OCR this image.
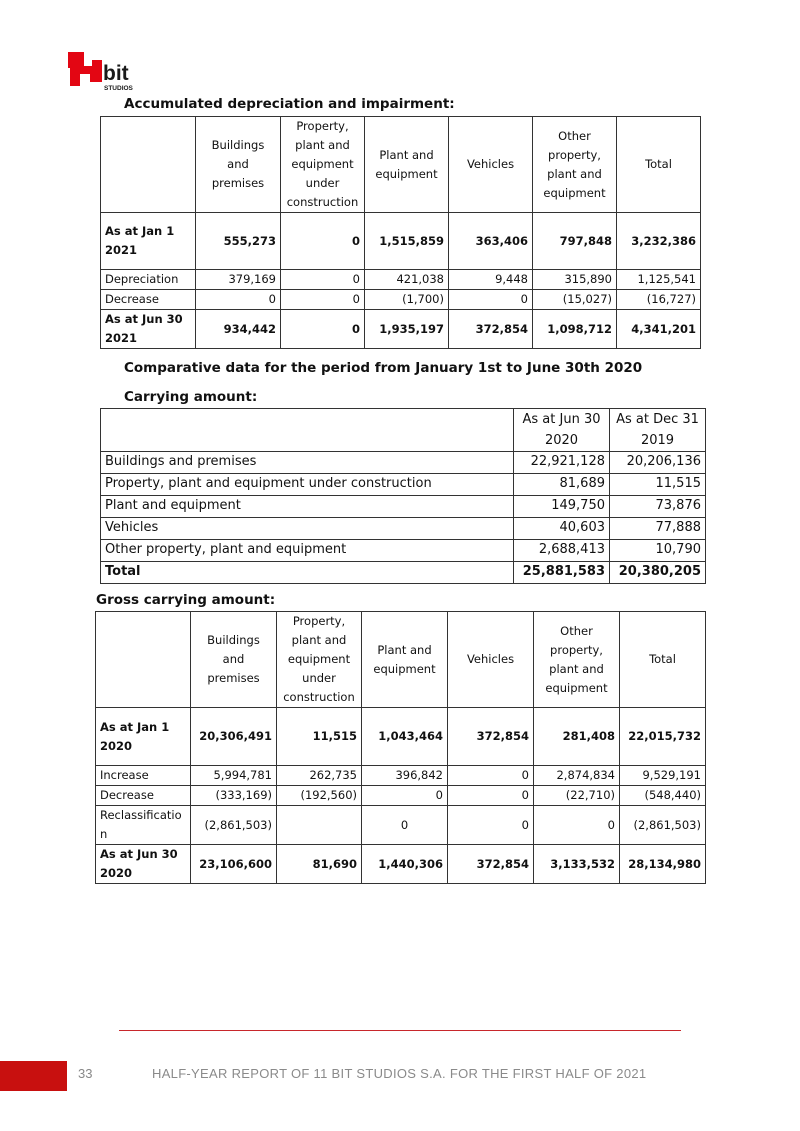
bit
STUDIOS
Accumulated depreciation and impairment:
	Buildings and premises	Property, plant and equipment under construction	Plant and equipment	Vehicles	Other property, plant and equipment	Total
As at Jan 1 2021	555,273	0	1,515,859	363,406	797,848	3,232,386
Depreciation	379,169	0	421,038	9,448	315,890	1,125,541
Decrease	0	0	(1,700)	0	(15,027)	(16,727)
As at Jun 30 2021	934,442	0	1,935,197	372,854	1,098,712	4,341,201
Comparative data for the period from January 1st to June 30th 2020
Carrying amount:
	As at Jun 30 2020	As at Dec 31 2019
Buildings and premises	22,921,128	20,206,136
Property, plant and equipment under construction	81,689	11,515
Plant and equipment	149,750	73,876
Vehicles	40,603	77,888
Other property, plant and equipment	2,688,413	10,790
Total	25,881,583	20,380,205
Gross carrying amount:
	Buildings and premises	Property, plant and equipment under construction	Plant and equipment	Vehicles	Other property, plant and equipment	Total
As at Jan 1 2020	20,306,491	11,515	1,043,464	372,854	281,408	22,015,732
Increase	5,994,781	262,735	396,842	0	2,874,834	9,529,191
Decrease	(333,169)	(192,560)	0	0	(22,710)	(548,440)
Reclassification	(2,861,503)		0	0	0	(2,861,503)
As at Jun 30 2020	23,106,600	81,690	1,440,306	372,854	3,133,532	28,134,980
33	HALF-YEAR REPORT OF 11 BIT STUDIOS S.A. FOR THE FIRST HALF OF 2021
